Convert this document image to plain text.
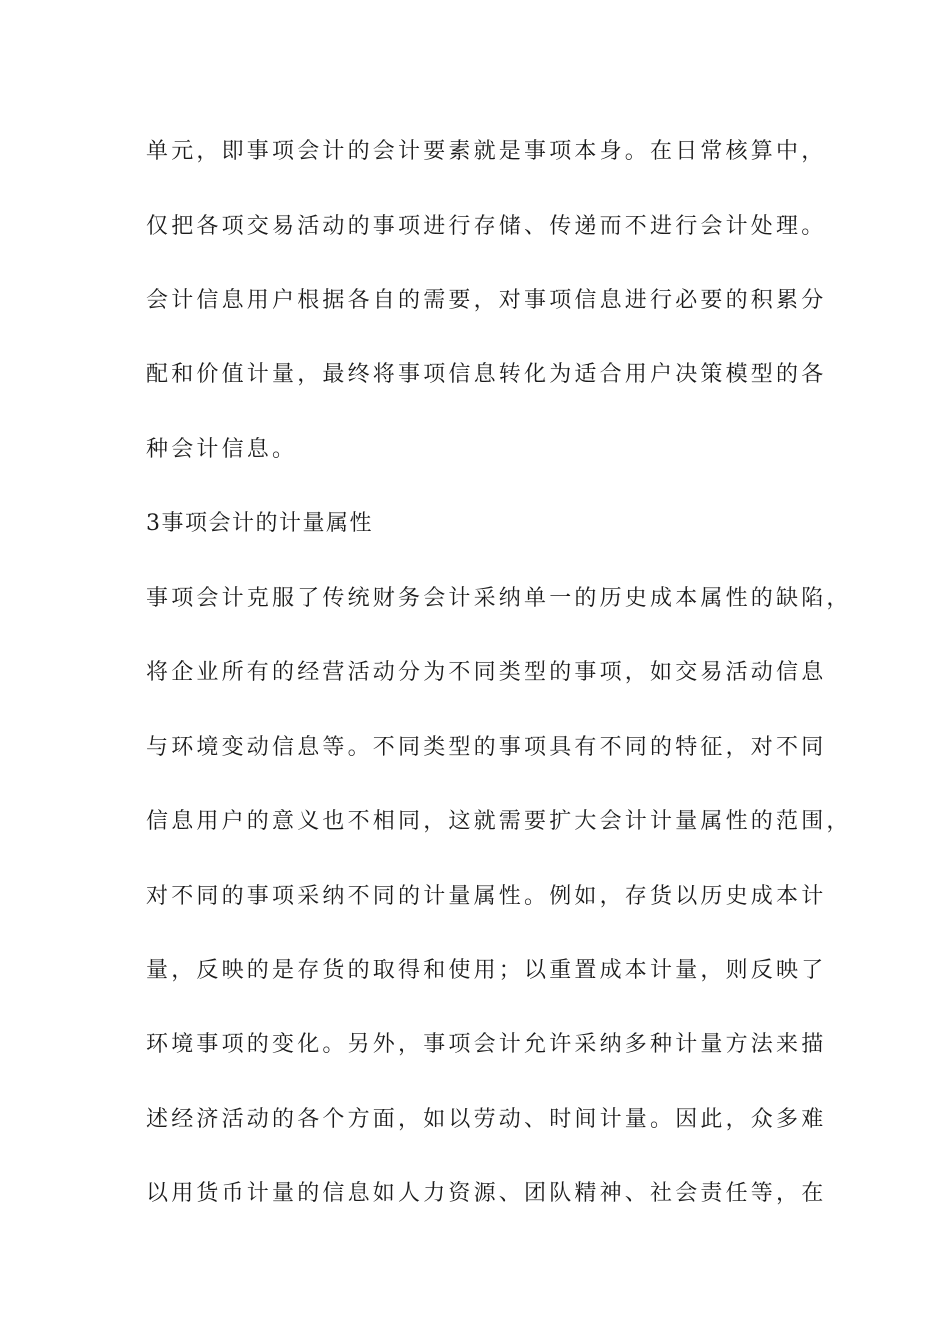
单元，即事项会计的会计要素就是事项本身。在日常核算中，
仅把各项交易活动的事项进行存储、传递而不进行会计处理。
会计信息用户根据各自的需要，对事项信息进行必要的积累分
配和价值计量，最终将事项信息转化为适合用户决策模型的各
种会计信息。
3事项会计的计量属性
事项会计克服了传统财务会计采纳单一的历史成本属性的缺陷，
将企业所有的经营活动分为不同类型的事项，如交易活动信息
与环境变动信息等。不同类型的事项具有不同的特征，对不同
信息用户的意义也不相同，这就需要扩大会计计量属性的范围，
对不同的事项采纳不同的计量属性。例如，存货以历史成本计
量，反映的是存货的取得和使用；以重置成本计量，则反映了
环境事项的变化。另外，事项会计允许采纳多种计量方法来描
述经济活动的各个方面，如以劳动、时间计量。因此，众多难
以用货币计量的信息如人力资源、团队精神、社会责任等，在
